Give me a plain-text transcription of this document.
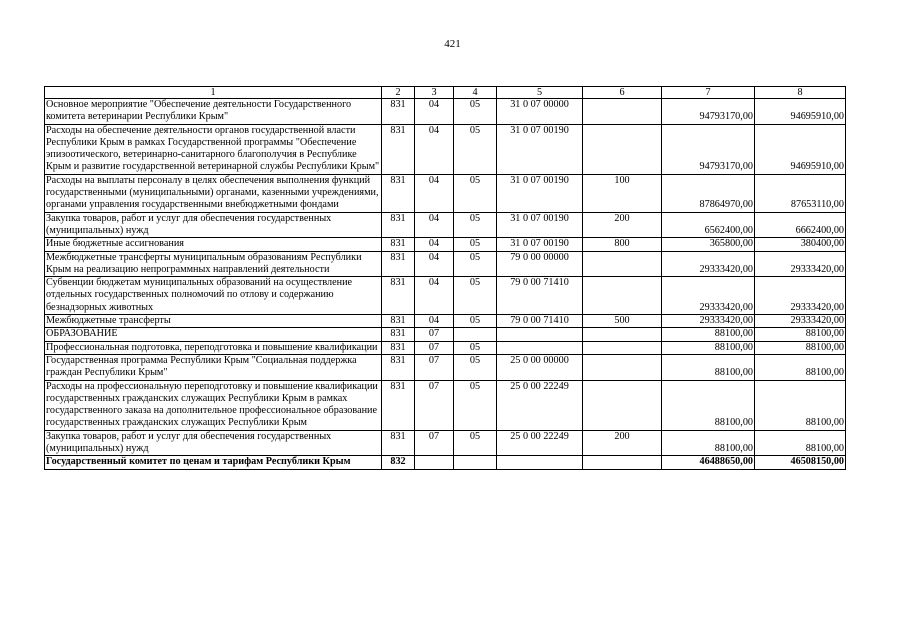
421
1	2	3	4	5	6	7	8
Основное мероприятие "Обеспечение деятельности Государственного комитета ветеринарии Республики Крым"	831	04	05	31 0 07 00000		94793170,00	94695910,00
Расходы на обеспечение деятельности органов государственной власти Республики Крым в рамках Государственной программы "Обеспечение эпизоотического, ветеринарно-санитарного благополучия в Республике Крым и развитие государственной ветеринарной службы Республики Крым"	831	04	05	31 0 07 00190		94793170,00	94695910,00
Расходы на выплаты персоналу в целях обеспечения выполнения функций государственными (муниципальными) органами, казенными учреждениями, органами управления государственными внебюджетными фондами	831	04	05	31 0 07 00190	100	87864970,00	87653110,00
Закупка товаров, работ и услуг для обеспечения государственных (муниципальных) нужд	831	04	05	31 0 07 00190	200	6562400,00	6662400,00
Иные бюджетные ассигнования	831	04	05	31 0 07 00190	800	365800,00	380400,00
Межбюджетные трансферты муниципальным образованиям Республики Крым на реализацию непрограммных направлений деятельности	831	04	05	79 0 00 00000		29333420,00	29333420,00
Субвенции бюджетам муниципальных образований на осуществление отдельных государственных полномочий по отлову и содержанию безнадзорных животных	831	04	05	79 0 00 71410		29333420,00	29333420,00
Межбюджетные трансферты	831	04	05	79 0 00 71410	500	29333420,00	29333420,00
ОБРАЗОВАНИЕ	831	07				88100,00	88100,00
Профессиональная подготовка, переподготовка и повышение квалификации	831	07	05			88100,00	88100,00
Государственная программа Республики Крым "Социальная поддержка граждан Республики Крым"	831	07	05	25 0 00 00000		88100,00	88100,00
Расходы на профессиональную переподготовку и повышение квалификации государственных гражданских служащих Республики Крым в рамках государственного заказа на дополнительное профессиональное образование государственных гражданских служащих Республики Крым	831	07	05	25 0 00 22249		88100,00	88100,00
Закупка товаров, работ и услуг для обеспечения государственных (муниципальных) нужд	831	07	05	25 0 00 22249	200	88100,00	88100,00
Государственный комитет по ценам и тарифам Республики Крым	832					46488650,00	46508150,00
